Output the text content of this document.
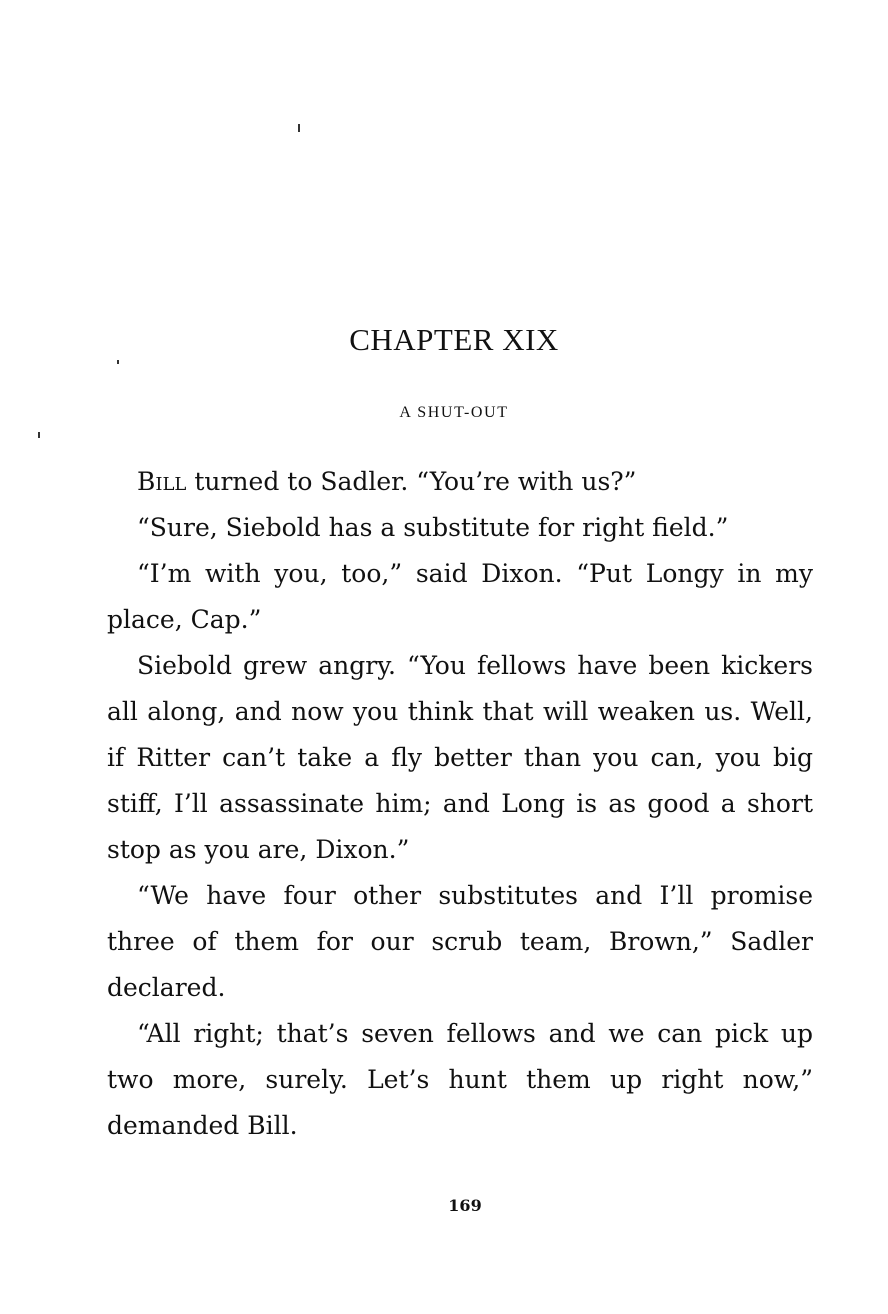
CHAPTER XIX
A SHUT-OUT

Bill turned to Sadler. “You’re with us?”

“Sure, Siebold has a substitute for right field.”

“I’m with you, too,” said Dixon. “Put Longy in my place, Cap.”

Siebold grew angry. “You fellows have been kickers all along, and now you think that will weaken us. Well, if Ritter can’t take a fly better than you can, you big stiff, I’ll assassinate him; and Long is as good a short stop as you are, Dixon.”

“We have four other substitutes and I’ll promise three of them for our scrub team, Brown,” Sadler declared.

“All right; that’s seven fellows and we can pick up two more, surely. Let’s hunt them up right now,” demanded Bill.

169
